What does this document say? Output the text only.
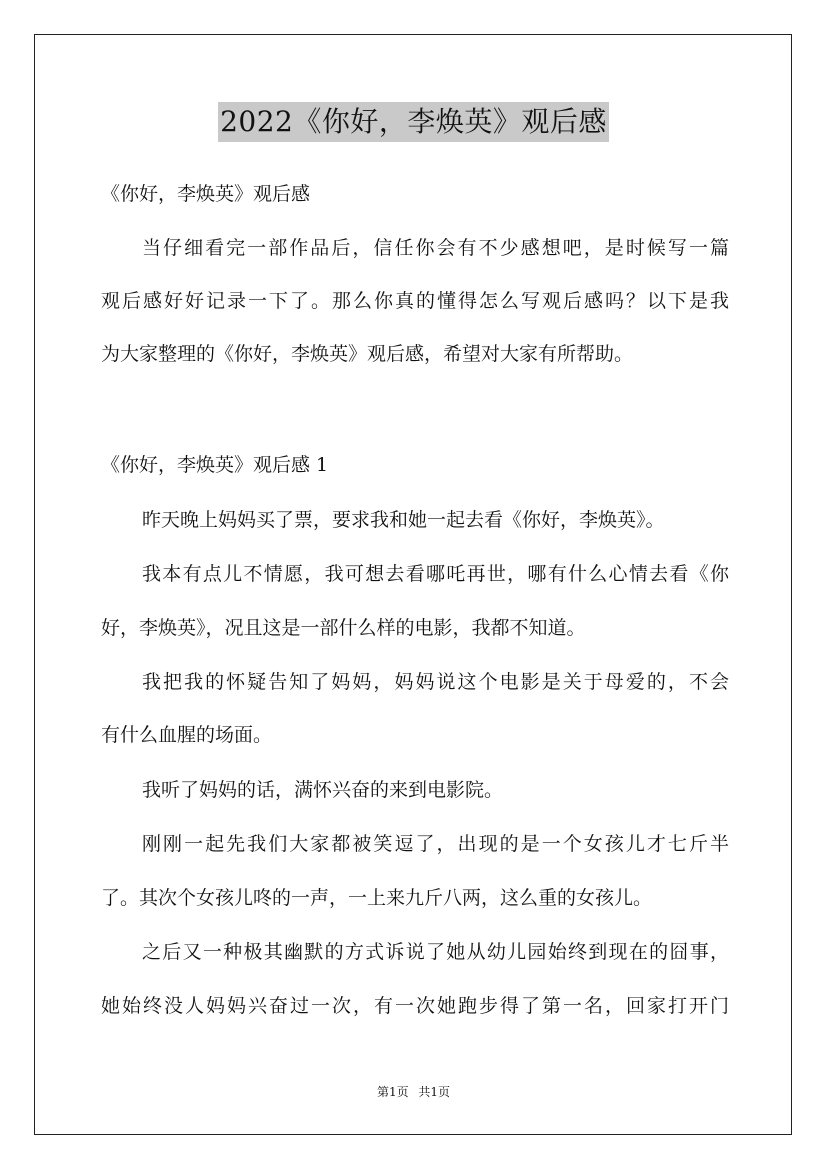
2022《你好，李焕英》观后感
《你好，李焕英》观后感
当仔细看完一部作品后，信任你会有不少感想吧，是时候写一篇
观后感好好记录一下了。那么你真的懂得怎么写观后感吗？以下是我
为大家整理的《你好，李焕英》观后感，希望对大家有所帮助。
《你好，李焕英》观后感 1
昨天晚上妈妈买了票，要求我和她一起去看《你好，李焕英》。
我本有点儿不情愿，我可想去看哪吒再世，哪有什么心情去看《你
好，李焕英》，况且这是一部什么样的电影，我都不知道。
我把我的怀疑告知了妈妈，妈妈说这个电影是关于母爱的，不会
有什么血腥的场面。
我听了妈妈的话，满怀兴奋的来到电影院。
刚刚一起先我们大家都被笑逗了，出现的是一个女孩儿才七斤半
了。其次个女孩儿咚的一声，一上来九斤八两，这么重的女孩儿。
之后又一种极其幽默的方式诉说了她从幼儿园始终到现在的囧事，
她始终没人妈妈兴奋过一次，有一次她跑步得了第一名，回家打开门
第1页 共1页
